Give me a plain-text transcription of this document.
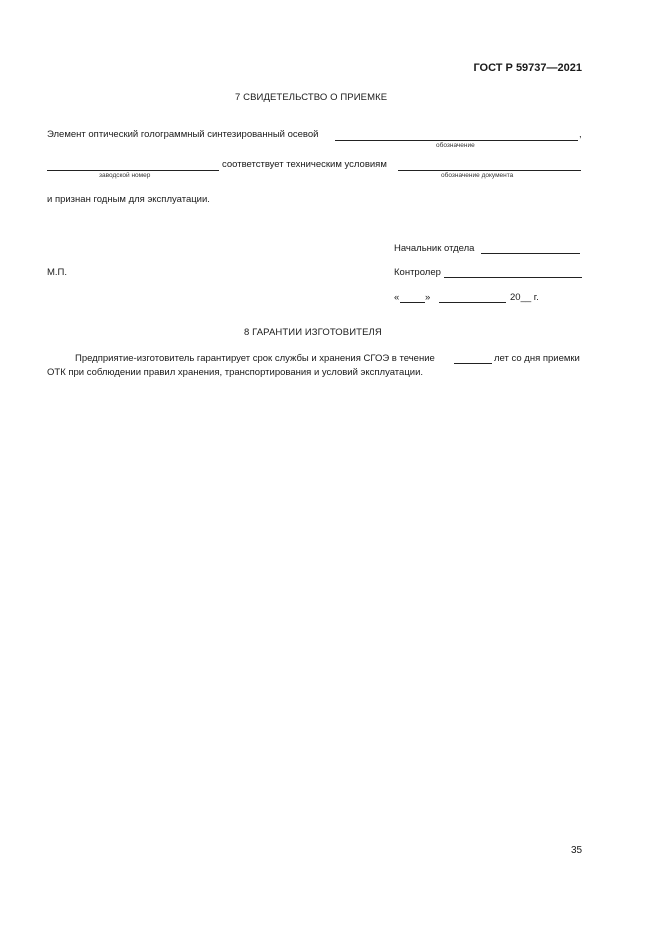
ГОСТ Р 59737—2021
7 СВИДЕТЕЛЬСТВО О ПРИЕМКЕ
Элемент оптический голограммный синтезированный осевой	,
обозначение
соответствует техническим условиям
заводской номер	обозначение документа
и признан годным для эксплуатации.
Начальник отдела
М.П.	Контролер
«	»	20__ г.
8 ГАРАНТИИ ИЗГОТОВИТЕЛЯ
Предприятие-изготовитель гарантирует срок службы и хранения СГОЭ в течение	лет со дня приемки
ОТК при соблюдении правил хранения, транспортирования и условий эксплуатации.
35
